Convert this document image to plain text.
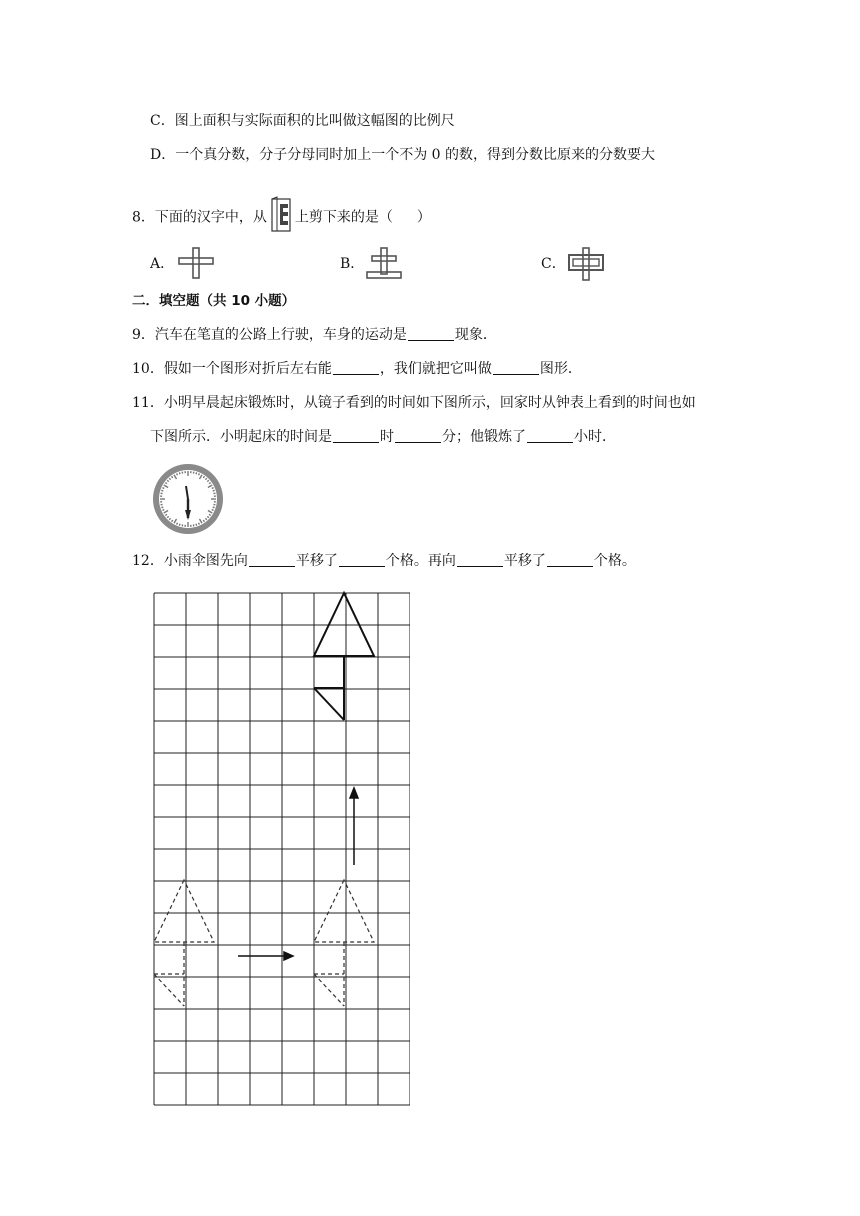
C．图上面积与实际面积的比叫做这幅图的比例尺
D．一个真分数，分子分母同时加上一个不为 0 的数，得到分数比原来的分数要大
8．下面的汉字中，从 上剪下来的是（ ）
A．	B．	C．
二．填空题（共 10 小题）
9．汽车在笔直的公路上行驶，车身的运动是	现象．
10．假如一个图形对折后左右能	，我们就把它叫做	图形．
11．小明早晨起床锻炼时，从镜子看到的时间如下图所示，回家时从钟表上看到的时间也如
下图所示．小明起床的时间是	时	分；他锻炼了	小时．
12．小雨伞图先向	平移了	个格。再向	平移了	个格。
